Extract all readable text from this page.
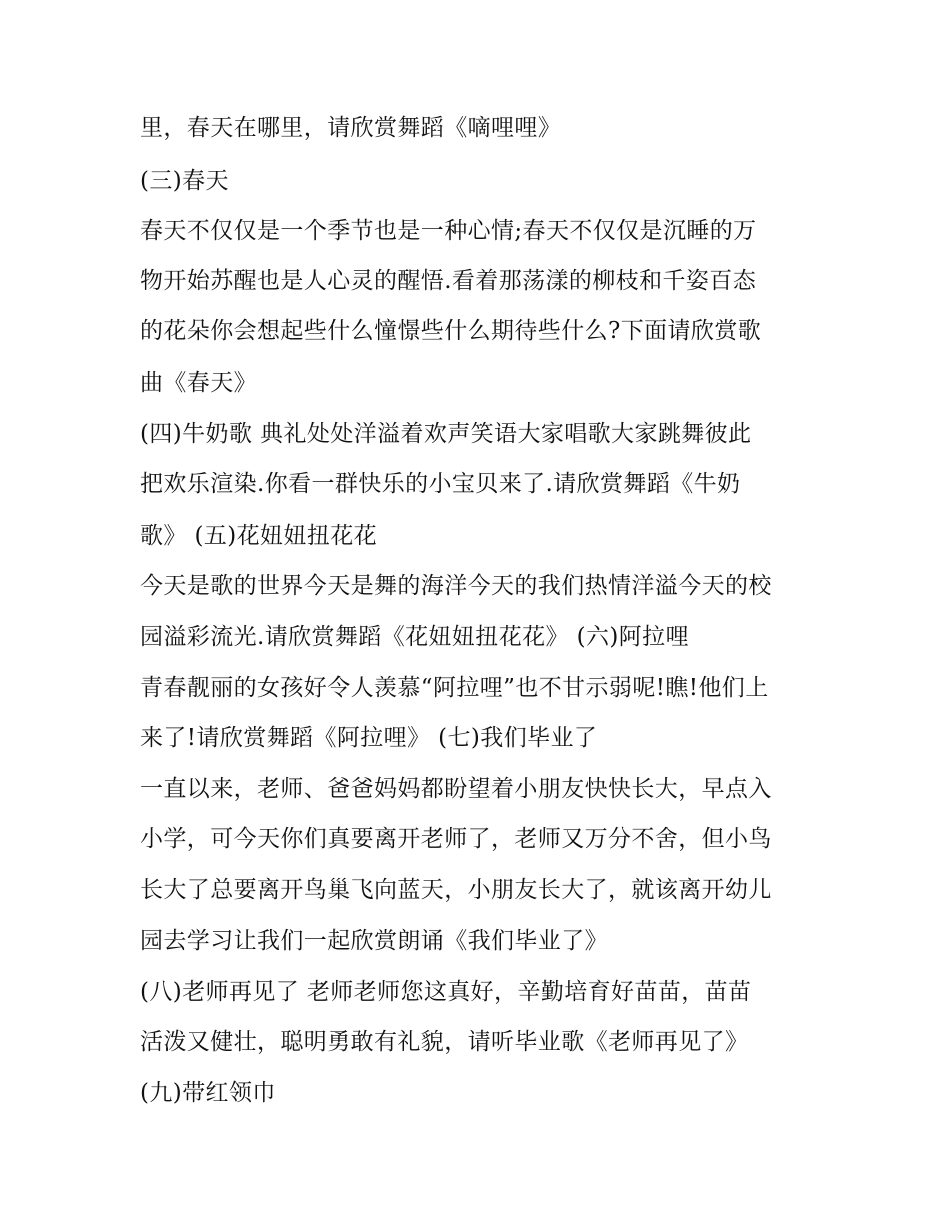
里，春天在哪里，请欣赏舞蹈《嘀哩哩》
(三)春天
春天不仅仅是一个季节也是一种心情;春天不仅仅是沉睡的万
物开始苏醒也是人心灵的醒悟.看着那荡漾的柳枝和千姿百态
的花朵你会想起些什么憧憬些什么期待些什么?下面请欣赏歌
曲《春天》
(四)牛奶歌 典礼处处洋溢着欢声笑语大家唱歌大家跳舞彼此
把欢乐渲染.你看一群快乐的小宝贝来了.请欣赏舞蹈《牛奶
歌》 (五)花妞妞扭花花
今天是歌的世界今天是舞的海洋今天的我们热情洋溢今天的校
园溢彩流光.请欣赏舞蹈《花妞妞扭花花》 (六)阿拉哩
青春靓丽的女孩好令人羡慕“阿拉哩”也不甘示弱呢!瞧!他们上
来了!请欣赏舞蹈《阿拉哩》 (七)我们毕业了
一直以来，老师、爸爸妈妈都盼望着小朋友快快长大，早点入
小学，可今天你们真要离开老师了，老师又万分不舍，但小鸟
长大了总要离开鸟巢飞向蓝天，小朋友长大了，就该离开幼儿
园去学习让我们一起欣赏朗诵《我们毕业了》
(八)老师再见了 老师老师您这真好，辛勤培育好苗苗，苗苗
活泼又健壮，聪明勇敢有礼貌，请听毕业歌《老师再见了》
(九)带红领巾
